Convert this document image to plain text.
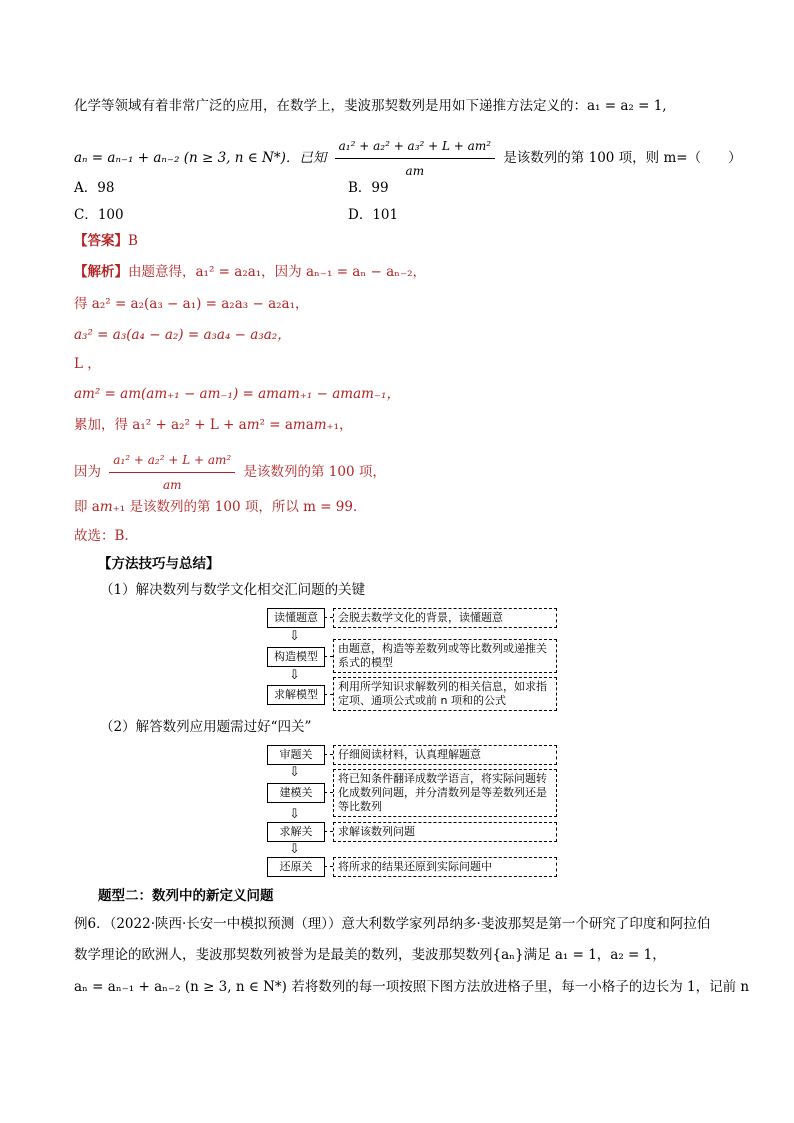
化学等领域有着非常广泛的应用，在数学上，斐波那契数列是用如下递推方法定义的：a₁ = a₂ = 1,
aₙ = aₙ₋₁ + aₙ₋₂ (n ≥ 3, n ∈ N*)．已知 $\frac{\text{a₁² + a₂² + a₃² + L + a𝑚²}}{\text{a𝑚}}$ 是该数列的第 100 项，则 m=（　　）
A．98	B．99
C．100	D．101
【答案】B
【解析】由题意得，a₁² = a₂a₁，因为 aₙ₋₁ = aₙ − aₙ₋₂，
得 a₂² = a₂(a₃ − a₁) = a₂a₃ − a₂a₁，
a₃² = a₃(a₄ − a₂) = a₃a₄ − a₃a₂，
L ，
a𝑚² = a𝑚(a𝑚₊₁ − a𝑚₋₁) = a𝑚a𝑚₊₁ − a𝑚a𝑚₋₁，
累加，得 a₁² + a₂² + L + a𝑚² = a𝑚a𝑚₊₁，
因为 $\frac{\text{a₁² + a₂² + L + a𝑚²}}{\text{a𝑚}}$ 是该数列的第 100 项，
即 a𝑚₊₁ 是该数列的第 100 项，所以 m = 99．
故选：B.
【方法技巧与总结】
（1）解决数列与数学文化相交汇问题的关键
读懂题意	会脱去数学文化的背景，读懂题意
⇩
构造模型
由题意，构造等差数列或等比数列或递推关系式的模型
⇩
求解模型
利用所学知识求解数列的相关信息，如求指定项、通项公式或前 n 项和的公式
（2）解答数列应用题需过好“四关”
审题关	仔细阅读材料，认真理解题意
⇩
建模关
将已知条件翻译成数学语言，将实际问题转化成数列问题，并分清数列是等差数列还是等比数列
⇩
求解关	求解该数列问题
⇩
还原关	将所求的结果还原到实际问题中
题型二：数列中的新定义问题
例6．（2022·陕西·长安一中模拟预测（理））意大利数学家列昂纳多·斐波那契是第一个研究了印度和阿拉伯
数学理论的欧洲人，斐波那契数列被誉为是最美的数列，斐波那契数列{aₙ}满足 a₁ = 1，a₂ = 1，
aₙ = aₙ₋₁ + aₙ₋₂ (n ≥ 3, n ∈ N*) 若将数列的每一项按照下图方法放进格子里，每一小格子的边长为 1，记前 n
